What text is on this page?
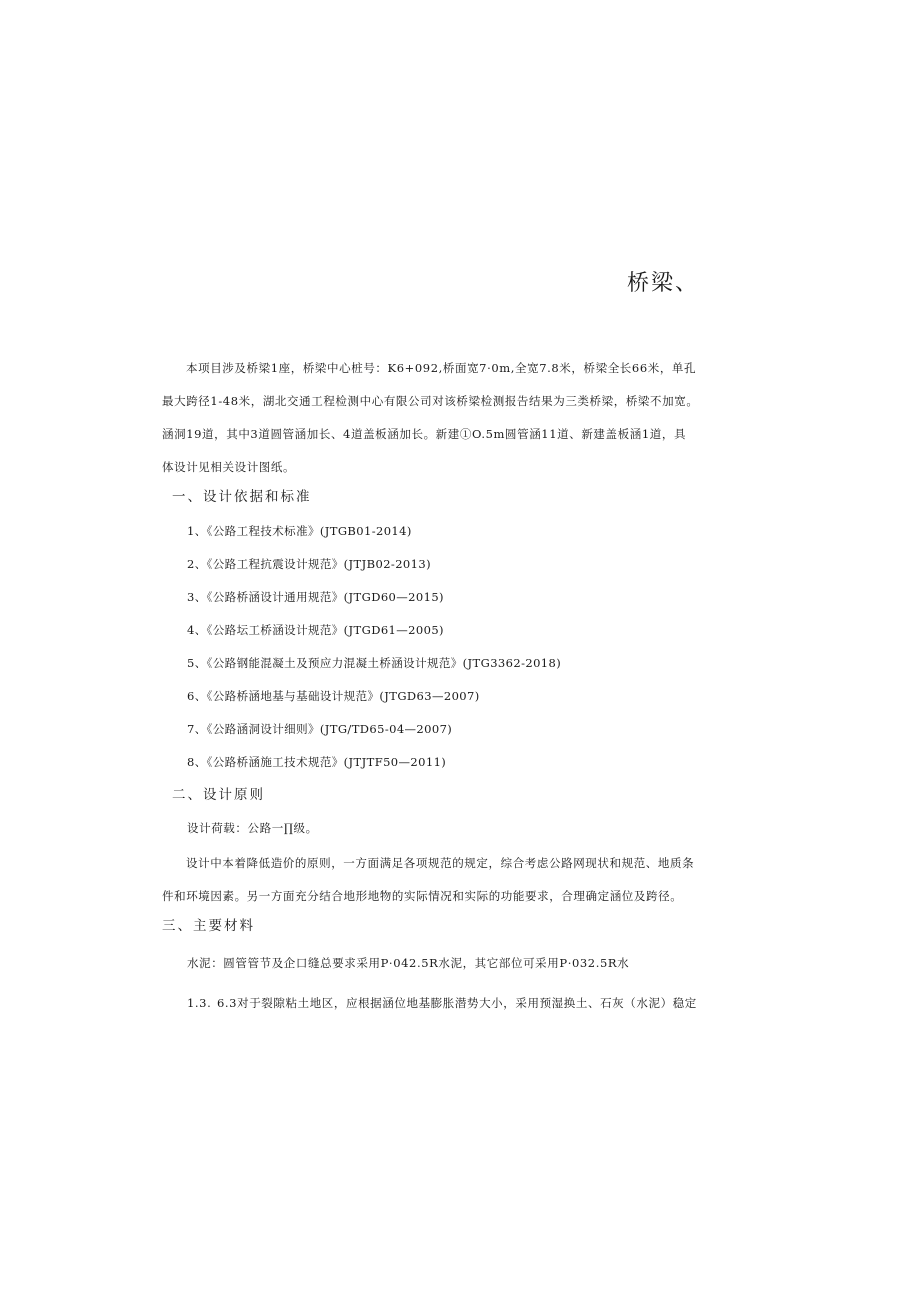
桥梁、
本项目涉及桥梁1座，桥梁中心桩号：K6+092,桥面宽7·0m,全宽7.8米，桥梁全长66米，单孔
最大跨径1-48米，湖北交通工程检测中心有限公司对该桥梁检测报告结果为三类桥梁，桥梁不加宽。
涵洞19道，其中3道圆管涵加长、4道盖板涵加长。新建①O.5m圆管涵11道、新建盖板涵1道，具
体设计见相关设计图纸。
一、设计依据和标准
1、《公路工程技术标准》(JTGB01-2014)
2、《公路工程抗震设计规范》(JTJB02-2013)
3、《公路桥涵设计通用规范》(JTGD60—2015)
4、《公路坛工桥涵设计规范》(JTGD61—2005)
5、《公路钢能混凝土及预应力混凝土桥涵设计规范》(JTG3362-2018)
6、《公路桥涵地基与基础设计规范》(JTGD63—2007)
7、《公路涵洞设计细则》(JTG/TD65-04—2007)
8、《公路桥涵施工技术规范》(JTJTF50—2011)
二、设计原则
设计荷载：公路一∏级。
设计中本着降低造价的原则，一方面满足各项规范的规定，综合考虑公路网现状和规范、地质条
件和环境因素。另一方面充分结合地形地物的实际情况和实际的功能要求，合理确定涵位及跨径。
三、主要材料
水泥：圆管管节及企口缝总要求采用P·042.5R水泥，其它部位可采用P·032.5R水
1.3. 6.3对于裂隙粘土地区，应根据涵位地基膨胀潜势大小，采用预湿换土、石灰（水泥）稳定
